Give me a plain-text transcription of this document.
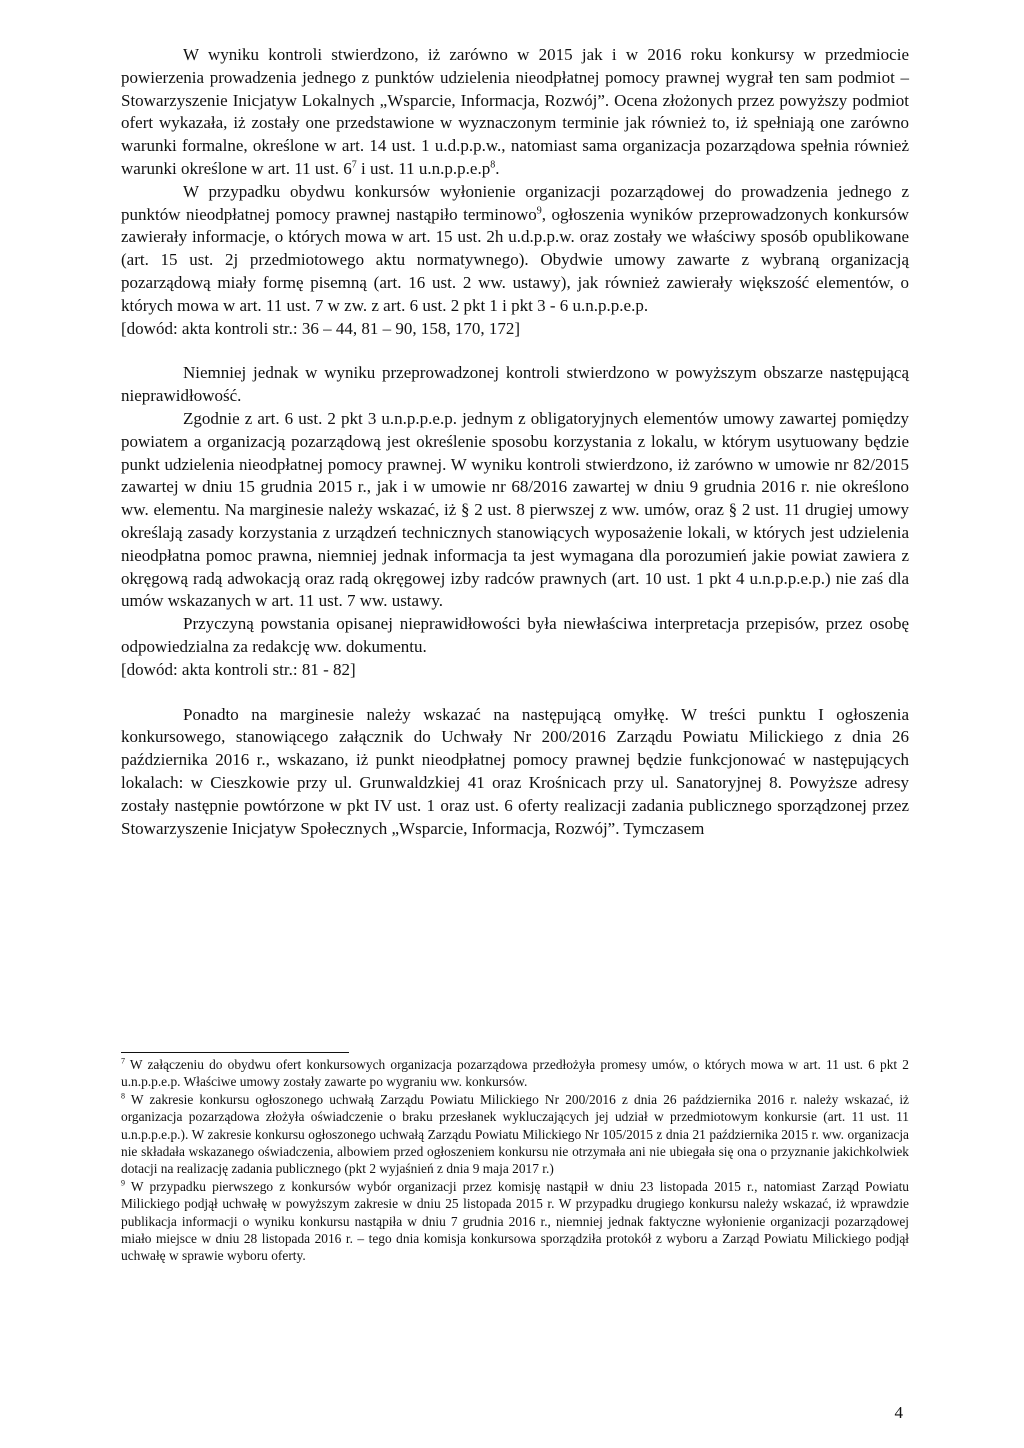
W wyniku kontroli stwierdzono, iż zarówno w 2015 jak i w 2016 roku konkursy w przedmiocie powierzenia prowadzenia jednego z punktów udzielenia nieodpłatnej pomocy prawnej wygrał ten sam podmiot – Stowarzyszenie Inicjatyw Lokalnych „Wsparcie, Informacja, Rozwój”. Ocena złożonych przez powyższy podmiot ofert wykazała, iż zostały one przedstawione w wyznaczonym terminie jak również to, iż spełniają one zarówno warunki formalne, określone w art. 14 ust. 1 u.d.p.p.w., natomiast sama organizacja pozarządowa spełnia również warunki określone w art. 11 ust. $6^7$ i ust. 11 $u.n.p.p.e.p^8$.

W przypadku obydwu konkursów wyłonienie organizacji pozarządowej do prowadzenia jednego z punktów nieodpłatnej pomocy prawnej nastąpiło terminowo$^9$, ogłoszenia wyników przeprowadzonych konkursów zawierały informacje, o których mowa w art. 15 ust. 2h u.d.p.p.w. oraz zostały we właściwy sposób opublikowane (art. 15 ust. 2j przedmiotowego aktu normatywnego). Obydwie umowy zawarte z wybraną organizacją pozarządową miały formę pisemną (art. 16 ust. 2 ww. ustawy), jak również zawierały większość elementów, o których mowa w art. 11 ust. 7 w zw. z art. 6 ust. 2 pkt 1 i pkt 3 - 6 u.n.p.p.e.p.

[dowód: akta kontroli str.: 36 – 44, 81 – 90, 158, 170, 172]

Niemniej jednak w wyniku przeprowadzonej kontroli stwierdzono w powyższym obszarze następującą nieprawidłowość.

Zgodnie z art. 6 ust. 2 pkt 3 u.n.p.p.e.p. jednym z obligatoryjnych elementów umowy zawartej pomiędzy powiatem a organizacją pozarządową jest określenie sposobu korzystania z lokalu, w którym usytuowany będzie punkt udzielenia nieodpłatnej pomocy prawnej. W wyniku kontroli stwierdzono, iż zarówno w umowie nr 82/2015 zawartej w dniu 15 grudnia 2015 r., jak i w umowie nr 68/2016 zawartej w dniu 9 grudnia 2016 r. nie określono ww. elementu. Na marginesie należy wskazać, iż § 2 ust. 8 pierwszej z ww. umów, oraz § 2 ust. 11 drugiej umowy określają zasady korzystania z urządzeń technicznych stanowiących wyposażenie lokali, w których jest udzielenia nieodpłatna pomoc prawna, niemniej jednak informacja ta jest wymagana dla porozumień jakie powiat zawiera z okręgową radą adwokacją oraz radą okręgowej izby radców prawnych (art. 10 ust. 1 pkt 4 u.n.p.p.e.p.) nie zaś dla umów wskazanych w art. 11 ust. 7 ww. ustawy.

Przyczyną powstania opisanej nieprawidłowości była niewłaściwa interpretacja przepisów, przez osobę odpowiedzialna za redakcję ww. dokumentu.

[dowód: akta kontroli str.: 81 - 82]

Ponadto na marginesie należy wskazać na następującą omyłkę. W treści punktu I ogłoszenia konkursowego, stanowiącego załącznik do Uchwały Nr 200/2016 Zarządu Powiatu Milickiego z dnia 26 października 2016 r., wskazano, iż punkt nieodpłatnej pomocy prawnej będzie funkcjonować w następujących lokalach: w Cieszkowie przy ul. Grunwaldzkiej 41 oraz Krośnicach przy ul. Sanatoryjnej 8. Powyższe adresy zostały następnie powtórzone w pkt IV ust. 1 oraz ust. 6 oferty realizacji zadania publicznego sporządzonej przez Stowarzyszenie Inicjatyw Społecznych „Wsparcie, Informacja, Rozwój”. Tymczasem

$^7$ W załączeniu do obydwu ofert konkursowych organizacja pozarządowa przedłożyła promesy umów, o których mowa w art. 11 ust. 6 pkt 2 u.n.p.p.e.p. Właściwe umowy zostały zawarte po wygraniu ww. konkursów.

$^8$ W zakresie konkursu ogłoszonego uchwałą Zarządu Powiatu Milickiego Nr 200/2016 z dnia 26 października 2016 r. należy wskazać, iż organizacja pozarządowa złożyła oświadczenie o braku przesłanek wykluczających jej udział w przedmiotowym konkursie (art. 11 ust. 11 u.n.p.p.e.p.). W zakresie konkursu ogłoszonego uchwałą Zarządu Powiatu Milickiego Nr 105/2015 z dnia 21 października 2015 r. ww. organizacja nie składała wskazanego oświadczenia, albowiem przed ogłoszeniem konkursu nie otrzymała ani nie ubiegała się ona o przyznanie jakichkolwiek dotacji na realizację zadania publicznego (pkt 2 wyjaśnień z dnia 9 maja 2017 r.)

$^9$ W przypadku pierwszego z konkursów wybór organizacji przez komisję nastąpił w dniu 23 listopada 2015 r., natomiast Zarząd Powiatu Milickiego podjął uchwałę w powyższym zakresie w dniu 25 listopada 2015 r. W przypadku drugiego konkursu należy wskazać, iż wprawdzie publikacja informacji o wyniku konkursu nastąpiła w dniu 7 grudnia 2016 r., niemniej jednak faktyczne wyłonienie organizacji pozarządowej miało miejsce w dniu 28 listopada 2016 r. – tego dnia komisja konkursowa sporządziła protokół z wyboru a Zarząd Powiatu Milickiego podjął uchwałę w sprawie wyboru oferty.

4
